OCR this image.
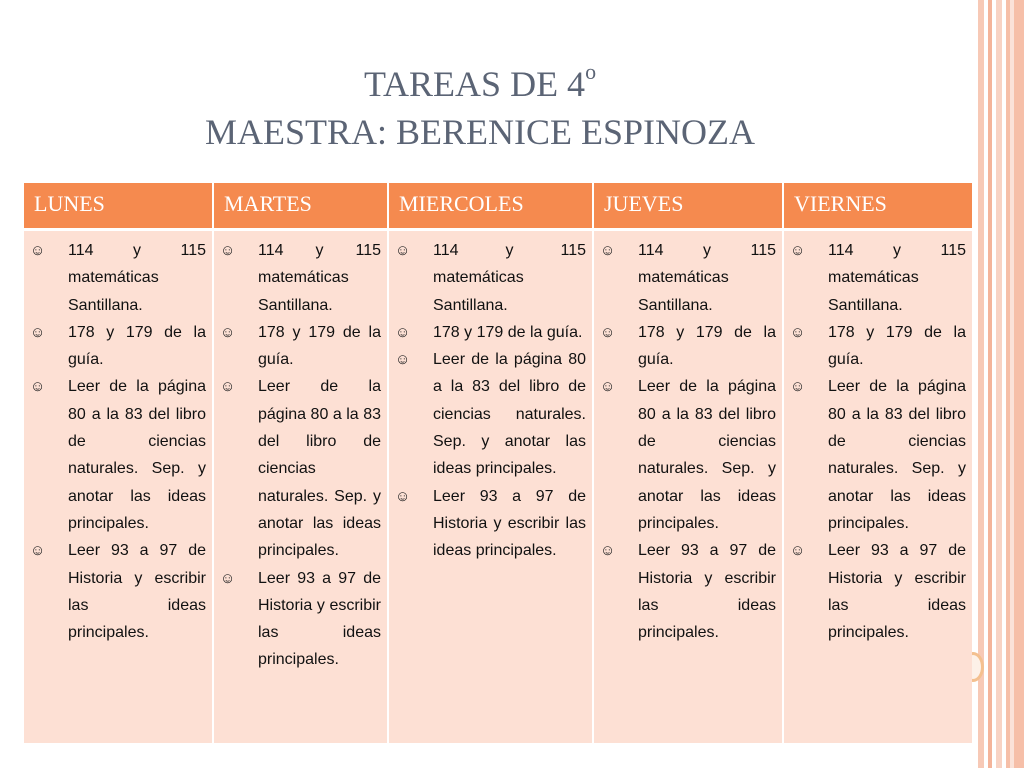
TAREAS DE 4$^o$
MAESTRA: BERENICE ESPINOZA
LUNES
☺	114 y 115 matemáticas Santillana.
☺	178 y 179 de la guía.
☺	Leer de la página 80 a la 83 del libro de ciencias naturales. Sep. y anotar las ideas principales.
☺	Leer 93 a 97 de Historia y escribir las ideas principales.
MARTES
☺	114 y 115 matemáticas Santillana.
☺	178 y 179 de la guía.
☺	Leer de la página 80 a la 83 del libro de ciencias naturales. Sep. y anotar las ideas principales.
☺	Leer 93 a 97 de Historia y escribir las ideas principales.
MIERCOLES
☺	114 y 115 matemáticas Santillana.
☺	178 y 179 de la guía.
☺	Leer de la página 80 a la 83 del libro de ciencias naturales. Sep. y anotar las ideas principales.
☺	Leer 93 a 97 de Historia y escribir las ideas principales.
JUEVES
☺	114 y 115 matemáticas Santillana.
☺	178 y 179 de la guía.
☺	Leer de la página 80 a la 83 del libro de ciencias naturales. Sep. y anotar las ideas principales.
☺	Leer 93 a 97 de Historia y escribir las ideas principales.
VIERNES
☺	114 y 115 matemáticas Santillana.
☺	178 y 179 de la guía.
☺	Leer de la página 80 a la 83 del libro de ciencias naturales. Sep. y anotar las ideas principales.
☺	Leer 93 a 97 de Historia y escribir las ideas principales.
